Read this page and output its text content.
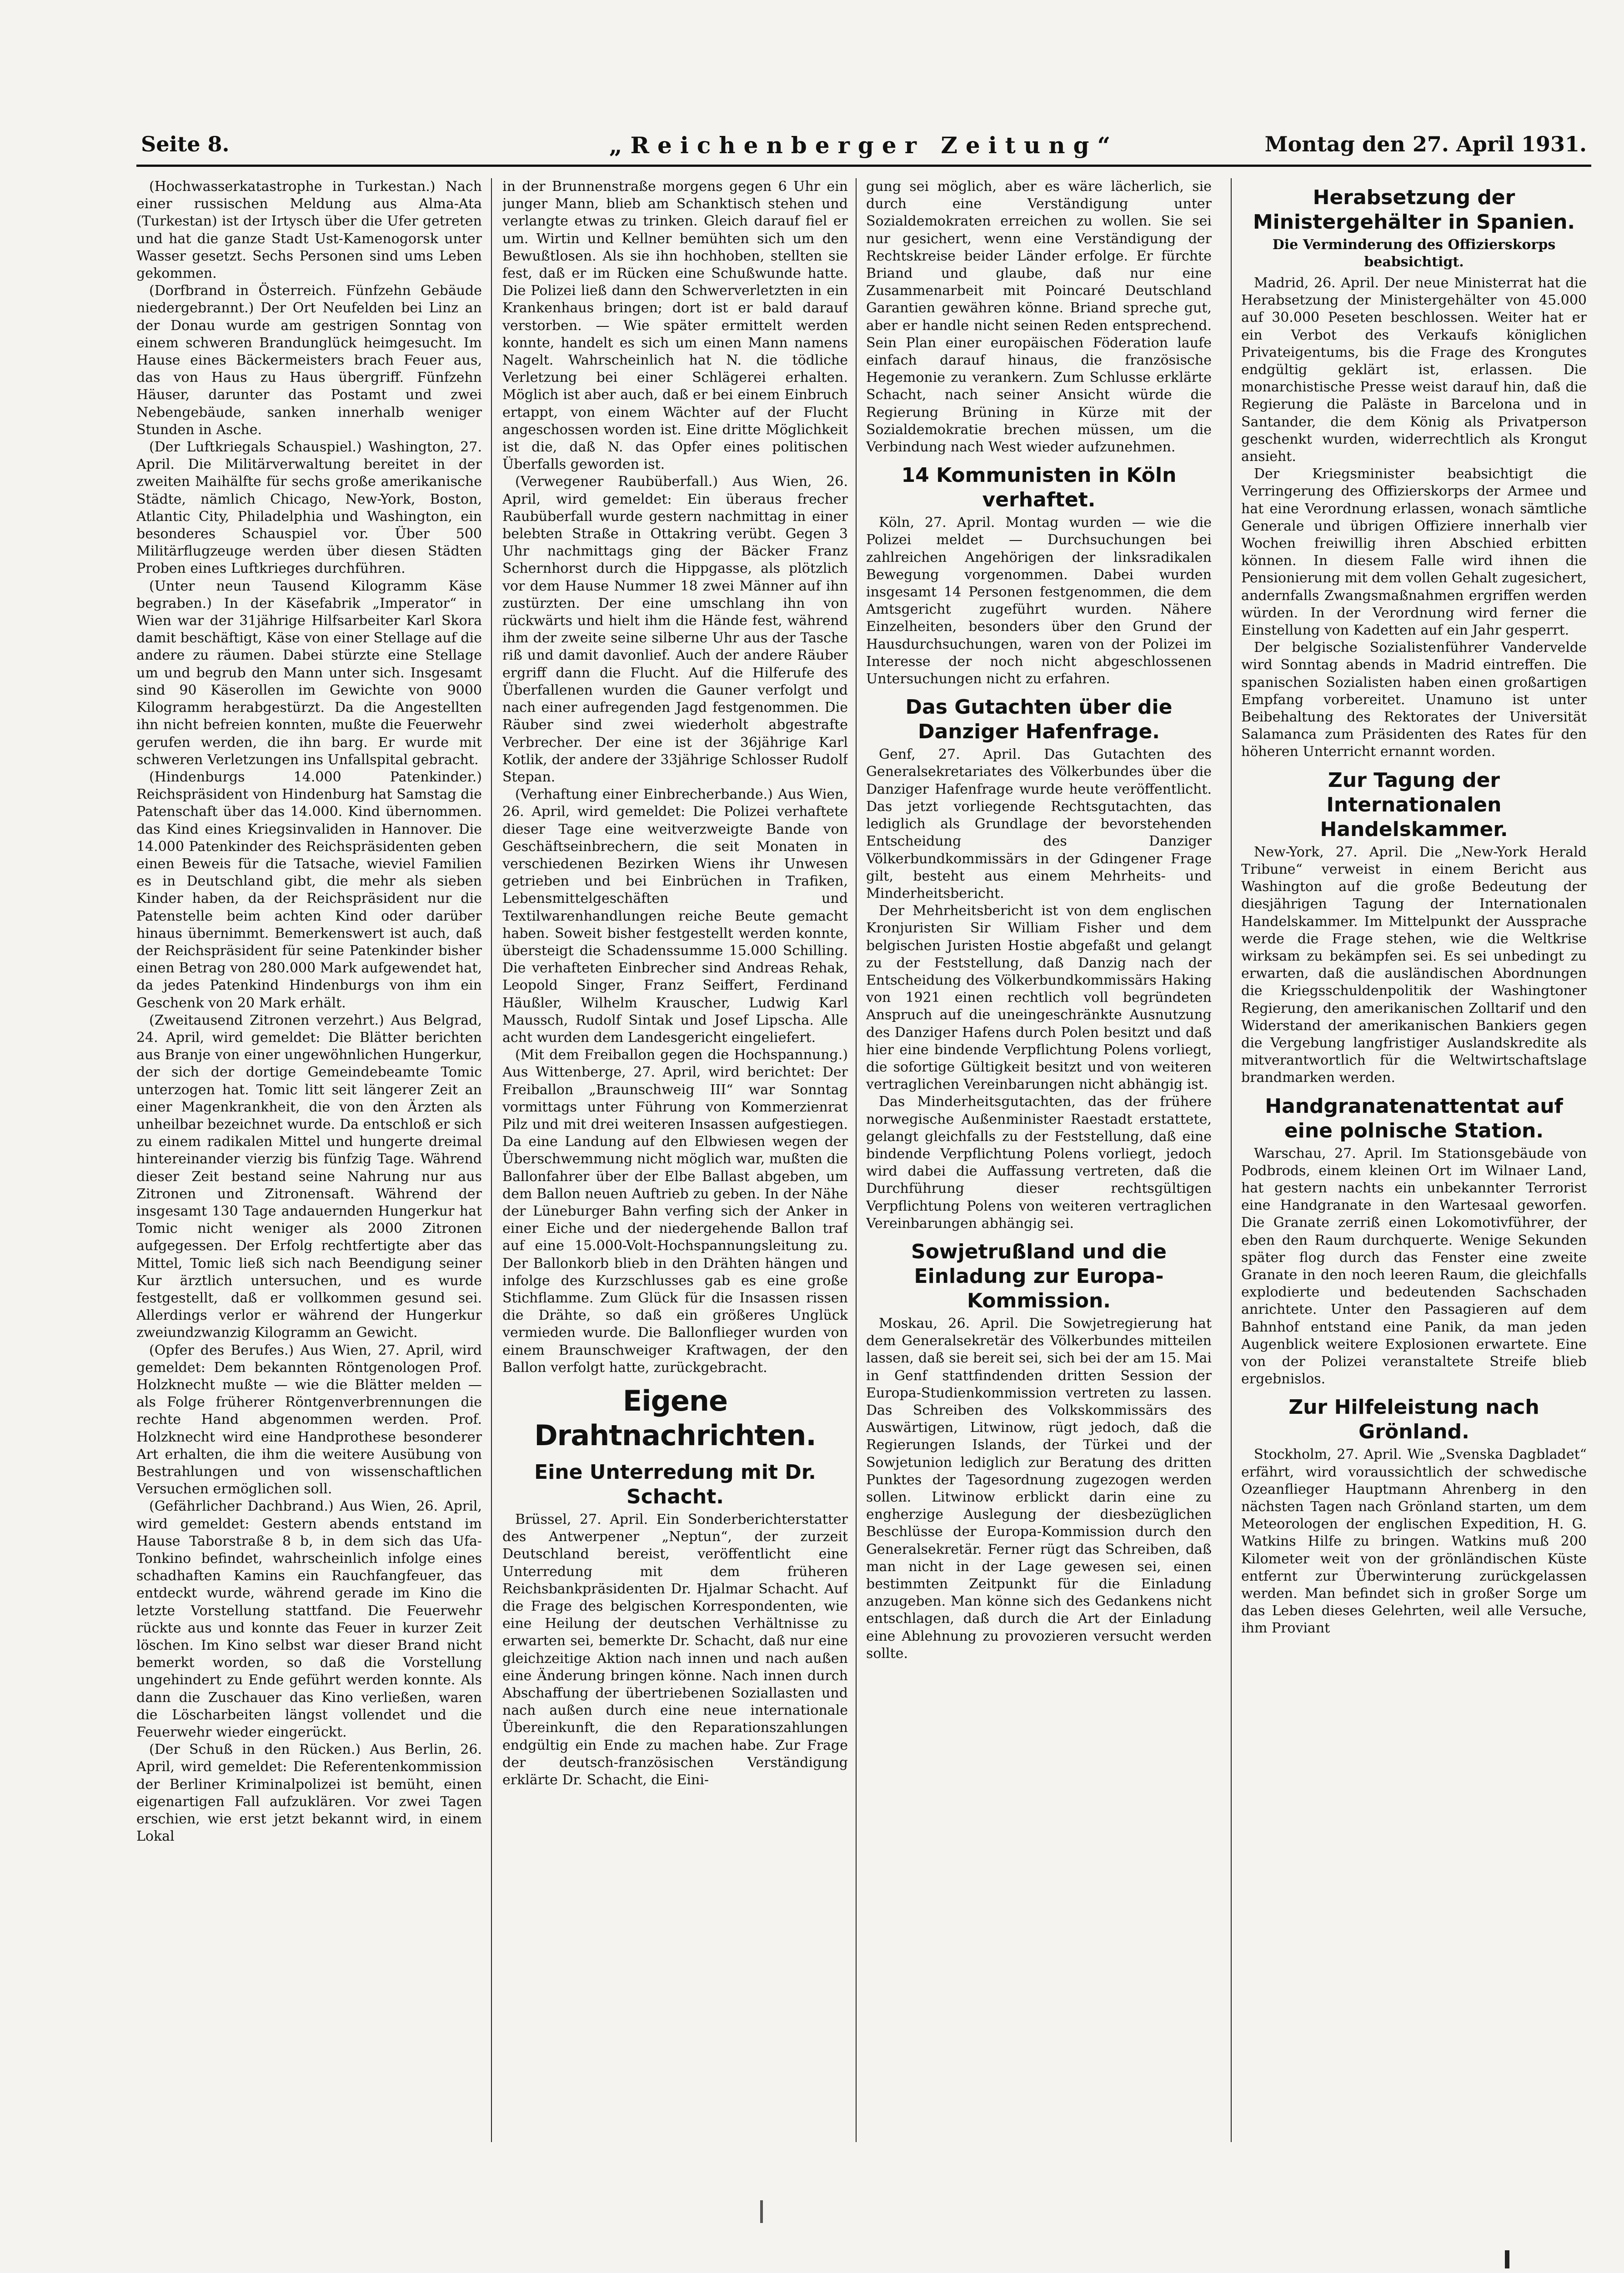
Seite 8.	„Reichenberger Zeitung“	Montag den 27. April 1931.

(Hochwasserkatastrophe in Turkestan.) Nach einer russischen Meldung aus Alma-Ata (Turkestan) ist der Irtysch über die Ufer getreten und hat die ganze Stadt Ust-Kamenogorsk unter Wasser gesetzt. Sechs Personen sind ums Leben gekommen.

(Dorfbrand in Österreich. Fünfzehn Gebäude niedergebrannt.) Der Ort Neufelden bei Linz an der Donau wurde am gestrigen Sonntag von einem schweren Brandunglück heimgesucht. Im Hause eines Bäckermeisters brach Feuer aus, das von Haus zu Haus übergriff. Fünfzehn Häuser, darunter das Postamt und zwei Nebengebäude, sanken innerhalb weniger Stunden in Asche.

(Der Luftkriegals Schauspiel.) Washington, 27. April. Die Militärverwaltung bereitet in der zweiten Maihälfte für sechs große amerikanische Städte, nämlich Chicago, New-York, Boston, Atlantic City, Philadelphia und Washington, ein besonderes Schauspiel vor. Über 500 Militärflugzeuge werden über diesen Städten Proben eines Luftkrieges durchführen.

(Unter neun Tausend Kilogramm Käse begraben.) In der Käsefabrik „Imperator“ in Wien war der 31jährige Hilfsarbeiter Karl Skora damit beschäftigt, Käse von einer Stellage auf die andere zu räumen. Dabei stürzte eine Stellage um und begrub den Mann unter sich. Insgesamt sind 90 Käserollen im Gewichte von 9000 Kilogramm herabgestürzt. Da die Angestellten ihn nicht befreien konnten, mußte die Feuerwehr gerufen werden, die ihn barg. Er wurde mit schweren Verletzungen ins Unfallspital gebracht.

(Hindenburgs 14.000 Patenkinder.) Reichspräsident von Hindenburg hat Samstag die Patenschaft über das 14.000. Kind übernommen. das Kind eines Kriegsinvaliden in Hannover. Die 14.000 Patenkinder des Reichspräsidenten geben einen Beweis für die Tatsache, wieviel Familien es in Deutschland gibt, die mehr als sieben Kinder haben, da der Reichspräsident nur die Patenstelle beim achten Kind oder darüber hinaus übernimmt. Bemerkenswert ist auch, daß der Reichspräsident für seine Patenkinder bisher einen Betrag von 280.000 Mark aufgewendet hat, da jedes Patenkind Hindenburgs von ihm ein Geschenk von 20 Mark erhält.

(Zweitausend Zitronen verzehrt.) Aus Belgrad, 24. April, wird gemeldet: Die Blätter berichten aus Branje von einer ungewöhnlichen Hungerkur, der sich der dortige Gemeindebeamte Tomic unterzogen hat. Tomic litt seit längerer Zeit an einer Magenkrankheit, die von den Ärzten als unheilbar bezeichnet wurde. Da entschloß er sich zu einem radikalen Mittel und hungerte dreimal hintereinander vierzig bis fünfzig Tage. Während dieser Zeit bestand seine Nahrung nur aus Zitronen und Zitronensaft. Während der insgesamt 130 Tage andauernden Hungerkur hat Tomic nicht weniger als 2000 Zitronen aufgegessen. Der Erfolg rechtfertigte aber das Mittel, Tomic ließ sich nach Beendigung seiner Kur ärztlich untersuchen, und es wurde festgestellt, daß er vollkommen gesund sei. Allerdings verlor er während der Hungerkur zweiundzwanzig Kilogramm an Gewicht.

(Opfer des Berufes.) Aus Wien, 27. April, wird gemeldet: Dem bekannten Röntgenologen Prof. Holzknecht mußte — wie die Blätter melden — als Folge früherer Röntgenverbrennungen die rechte Hand abgenommen werden. Prof. Holzknecht wird eine Handprothese besonderer Art erhalten, die ihm die weitere Ausübung von Bestrahlungen und von wissenschaftlichen Versuchen ermöglichen soll.

(Gefährlicher Dachbrand.) Aus Wien, 26. April, wird gemeldet: Gestern abends entstand im Hause Taborstraße 8 b, in dem sich das Ufa-Tonkino befindet, wahrscheinlich infolge eines schadhaften Kamins ein Rauchfangfeuer, das entdeckt wurde, während gerade im Kino die letzte Vorstellung stattfand. Die Feuerwehr rückte aus und konnte das Feuer in kurzer Zeit löschen. Im Kino selbst war dieser Brand nicht bemerkt worden, so daß die Vorstellung ungehindert zu Ende geführt werden konnte. Als dann die Zuschauer das Kino verließen, waren die Löscharbeiten längst vollendet und die Feuerwehr wieder eingerückt.

(Der Schuß in den Rücken.) Aus Berlin, 26. April, wird gemeldet: Die Referentenkommission der Berliner Kriminalpolizei ist bemüht, einen eigenartigen Fall aufzuklären. Vor zwei Tagen erschien, wie erst jetzt bekannt wird, in einem Lokal

in der Brunnenstraße morgens gegen 6 Uhr ein junger Mann, blieb am Schanktisch stehen und verlangte etwas zu trinken. Gleich darauf fiel er um. Wirtin und Kellner bemühten sich um den Bewußtlosen. Als sie ihn hochhoben, stellten sie fest, daß er im Rücken eine Schußwunde hatte. Die Polizei ließ dann den Schwerverletzten in ein Krankenhaus bringen; dort ist er bald darauf verstorben. — Wie später ermittelt werden konnte, handelt es sich um einen Mann namens Nagelt. Wahrscheinlich hat N. die tödliche Verletzung bei einer Schlägerei erhalten. Möglich ist aber auch, daß er bei einem Einbruch ertappt, von einem Wächter auf der Flucht angeschossen worden ist. Eine dritte Möglichkeit ist die, daß N. das Opfer eines politischen Überfalls geworden ist.

(Verwegener Raubüberfall.) Aus Wien, 26. April, wird gemeldet: Ein überaus frecher Raubüberfall wurde gestern nachmittag in einer belebten Straße in Ottakring verübt. Gegen 3 Uhr nachmittags ging der Bäcker Franz Schernhorst durch die Hippgasse, als plötzlich vor dem Hause Nummer 18 zwei Männer auf ihn zustürzten. Der eine umschlang ihn von rückwärts und hielt ihm die Hände fest, während ihm der zweite seine silberne Uhr aus der Tasche riß und damit davonlief. Auch der andere Räuber ergriff dann die Flucht. Auf die Hilferufe des Überfallenen wurden die Gauner verfolgt und nach einer aufregenden Jagd festgenommen. Die Räuber sind zwei wiederholt abgestrafte Verbrecher. Der eine ist der 36jährige Karl Kotlik, der andere der 33jährige Schlosser Rudolf Stepan.

(Verhaftung einer Einbrecherbande.) Aus Wien, 26. April, wird gemeldet: Die Polizei verhaftete dieser Tage eine weitverzweigte Bande von Geschäftseinbrechern, die seit Monaten in verschiedenen Bezirken Wiens ihr Unwesen getrieben und bei Einbrüchen in Trafiken, Lebensmittelgeschäften und Textilwarenhandlungen reiche Beute gemacht haben. Soweit bisher festgestellt werden konnte, übersteigt die Schadenssumme 15.000 Schilling. Die verhafteten Einbrecher sind Andreas Rehak, Leopold Singer, Franz Seiffert, Ferdinand Häußler, Wilhelm Krauscher, Ludwig Karl Maussch, Rudolf Sintak und Josef Lipscha. Alle acht wurden dem Landesgericht eingeliefert.

(Mit dem Freiballon gegen die Hochspannung.) Aus Wittenberge, 27. April, wird berichtet: Der Freiballon „Braunschweig III“ war Sonntag vormittags unter Führung von Kommerzienrat Pilz und mit drei weiteren Insassen aufgestiegen. Da eine Landung auf den Elbwiesen wegen der Überschwemmung nicht möglich war, mußten die Ballonfahrer über der Elbe Ballast abgeben, um dem Ballon neuen Auftrieb zu geben. In der Nähe der Lüneburger Bahn verfing sich der Anker in einer Eiche und der niedergehende Ballon traf auf eine 15.000-Volt-Hochspannungsleitung zu. Der Ballonkorb blieb in den Drähten hängen und infolge des Kurzschlusses gab es eine große Stichflamme. Zum Glück für die Insassen rissen die Drähte, so daß ein größeres Unglück vermieden wurde. Die Ballonflieger wurden von einem Braunschweiger Kraftwagen, der den Ballon verfolgt hatte, zurückgebracht.

Eigene Drahtnachrichten.
Eine Unterredung mit Dr. Schacht.

Brüssel, 27. April. Ein Sonderberichterstatter des Antwerpener „Neptun“, der zurzeit Deutschland bereist, veröffentlicht eine Unterredung mit dem früheren Reichsbankpräsidenten Dr. Hjalmar Schacht. Auf die Frage des belgischen Korrespondenten, wie eine Heilung der deutschen Verhältnisse zu erwarten sei, bemerkte Dr. Schacht, daß nur eine gleichzeitige Aktion nach innen und nach außen eine Änderung bringen könne. Nach innen durch Abschaffung der übertriebenen Soziallasten und nach außen durch eine neue internationale Übereinkunft, die den Reparationszahlungen endgültig ein Ende zu machen habe. Zur Frage der deutsch-französischen Verständigung erklärte Dr. Schacht, die Eini-

gung sei möglich, aber es wäre lächerlich, sie durch eine Verständigung unter Sozialdemokraten erreichen zu wollen. Sie sei nur gesichert, wenn eine Verständigung der Rechtskreise beider Länder erfolge. Er fürchte Briand und glaube, daß nur eine Zusammenarbeit mit Poincaré Deutschland Garantien gewähren könne. Briand spreche gut, aber er handle nicht seinen Reden entsprechend. Sein Plan einer europäischen Föderation laufe einfach darauf hinaus, die französische Hegemonie zu verankern. Zum Schlusse erklärte Schacht, nach seiner Ansicht würde die Regierung Brüning in Kürze mit der Sozialdemokratie brechen müssen, um die Verbindung nach West wieder aufzunehmen.

14 Kommunisten in Köln verhaftet.

Köln, 27. April. Montag wurden — wie die Polizei meldet — Durchsuchungen bei zahlreichen Angehörigen der linksradikalen Bewegung vorgenommen. Dabei wurden insgesamt 14 Personen festgenommen, die dem Amtsgericht zugeführt wurden. Nähere Einzelheiten, besonders über den Grund der Hausdurchsuchungen, waren von der Polizei im Interesse der noch nicht abgeschlossenen Untersuchungen nicht zu erfahren.

Das Gutachten über die Danziger Hafenfrage.

Genf, 27. April. Das Gutachten des Generalsekretariates des Völkerbundes über die Danziger Hafenfrage wurde heute veröffentlicht. Das jetzt vorliegende Rechtsgutachten, das lediglich als Grundlage der bevorstehenden Entscheidung des Danziger Völkerbundkommissärs in der Gdingener Frage gilt, besteht aus einem Mehrheits- und Minderheitsbericht.

Der Mehrheitsbericht ist von dem englischen Kronjuristen Sir William Fisher und dem belgischen Juristen Hostie abgefaßt und gelangt zu der Feststellung, daß Danzig nach der Entscheidung des Völkerbundkommissärs Haking von 1921 einen rechtlich voll begründeten Anspruch auf die uneingeschränkte Ausnutzung des Danziger Hafens durch Polen besitzt und daß hier eine bindende Verpflichtung Polens vorliegt, die sofortige Gültigkeit besitzt und von weiteren vertraglichen Vereinbarungen nicht abhängig ist.

Das Minderheitsgutachten, das der frühere norwegische Außenminister Raestadt erstattete, gelangt gleichfalls zu der Feststellung, daß eine bindende Verpflichtung Polens vorliegt, jedoch wird dabei die Auffassung vertreten, daß die Durchführung dieser rechtsgültigen Verpflichtung Polens von weiteren vertraglichen Vereinbarungen abhängig sei.

Sowjetrußland und die Einladung zur Europa-Kommission.

Moskau, 26. April. Die Sowjetregierung hat dem Generalsekretär des Völkerbundes mitteilen lassen, daß sie bereit sei, sich bei der am 15. Mai in Genf stattfindenden dritten Session der Europa-Studienkommission vertreten zu lassen. Das Schreiben des Volkskommissärs des Auswärtigen, Litwinow, rügt jedoch, daß die Regierungen Islands, der Türkei und der Sowjetunion lediglich zur Beratung des dritten Punktes der Tagesordnung zugezogen werden sollen. Litwinow erblickt darin eine zu engherzige Auslegung der diesbezüglichen Beschlüsse der Europa-Kommission durch den Generalsekretär. Ferner rügt das Schreiben, daß man nicht in der Lage gewesen sei, einen bestimmten Zeitpunkt für die Einladung anzugeben. Man könne sich des Gedankens nicht entschlagen, daß durch die Art der Einladung eine Ablehnung zu provozieren versucht werden sollte.

Herabsetzung der Ministergehälter in Spanien.
Die Verminderung des Offizierskorps beabsichtigt.

Madrid, 26. April. Der neue Ministerrat hat die Herabsetzung der Ministergehälter von 45.000 auf 30.000 Peseten beschlossen. Weiter hat er ein Verbot des Verkaufs königlichen Privateigentums, bis die Frage des Krongutes endgültig geklärt ist, erlassen. Die monarchistische Presse weist darauf hin, daß die Regierung die Paläste in Barcelona und in Santander, die dem König als Privatperson geschenkt wurden, widerrechtlich als Krongut ansieht.

Der Kriegsminister beabsichtigt die Verringerung des Offizierskorps der Armee und hat eine Verordnung erlassen, wonach sämtliche Generale und übrigen Offiziere innerhalb vier Wochen freiwillig ihren Abschied erbitten können. In diesem Falle wird ihnen die Pensionierung mit dem vollen Gehalt zugesichert, andernfalls Zwangsmaßnahmen ergriffen werden würden. In der Verordnung wird ferner die Einstellung von Kadetten auf ein Jahr gesperrt.

Der belgische Sozialistenführer Vandervelde wird Sonntag abends in Madrid eintreffen. Die spanischen Sozialisten haben einen großartigen Empfang vorbereitet. Unamuno ist unter Beibehaltung des Rektorates der Universität Salamanca zum Präsidenten des Rates für den höheren Unterricht ernannt worden.

Zur Tagung der Internationalen Handelskammer.

New-York, 27. April. Die „New-York Herald Tribune“ verweist in einem Bericht aus Washington auf die große Bedeutung der diesjährigen Tagung der Internationalen Handelskammer. Im Mittelpunkt der Aussprache werde die Frage stehen, wie die Weltkrise wirksam zu bekämpfen sei. Es sei unbedingt zu erwarten, daß die ausländischen Abordnungen die Kriegsschuldenpolitik der Washingtoner Regierung, den amerikanischen Zolltarif und den Widerstand der amerikanischen Bankiers gegen die Vergebung langfristiger Auslandskredite als mitverantwortlich für die Weltwirtschaftslage brandmarken werden.

Handgranatenattentat auf eine polnische Station.

Warschau, 27. April. Im Stationsgebäude von Podbrods, einem kleinen Ort im Wilnaer Land, hat gestern nachts ein unbekannter Terrorist eine Handgranate in den Wartesaal geworfen. Die Granate zerriß einen Lokomotivführer, der eben den Raum durchquerte. Wenige Sekunden später flog durch das Fenster eine zweite Granate in den noch leeren Raum, die gleichfalls explodierte und bedeutenden Sachschaden anrichtete. Unter den Passagieren auf dem Bahnhof entstand eine Panik, da man jeden Augenblick weitere Explosionen erwartete. Eine von der Polizei veranstaltete Streife blieb ergebnislos.

Zur Hilfeleistung nach Grönland.

Stockholm, 27. April. Wie „Svenska Dagbladet“ erfährt, wird voraussichtlich der schwedische Ozeanflieger Hauptmann Ahrenberg in den nächsten Tagen nach Grönland starten, um dem Meteorologen der englischen Expedition, H. G. Watkins Hilfe zu bringen. Watkins muß 200 Kilometer weit von der grönländischen Küste entfernt zur Überwinterung zurückgelassen werden. Man befindet sich in großer Sorge um das Leben dieses Gelehrten, weil alle Versuche, ihm Proviant
